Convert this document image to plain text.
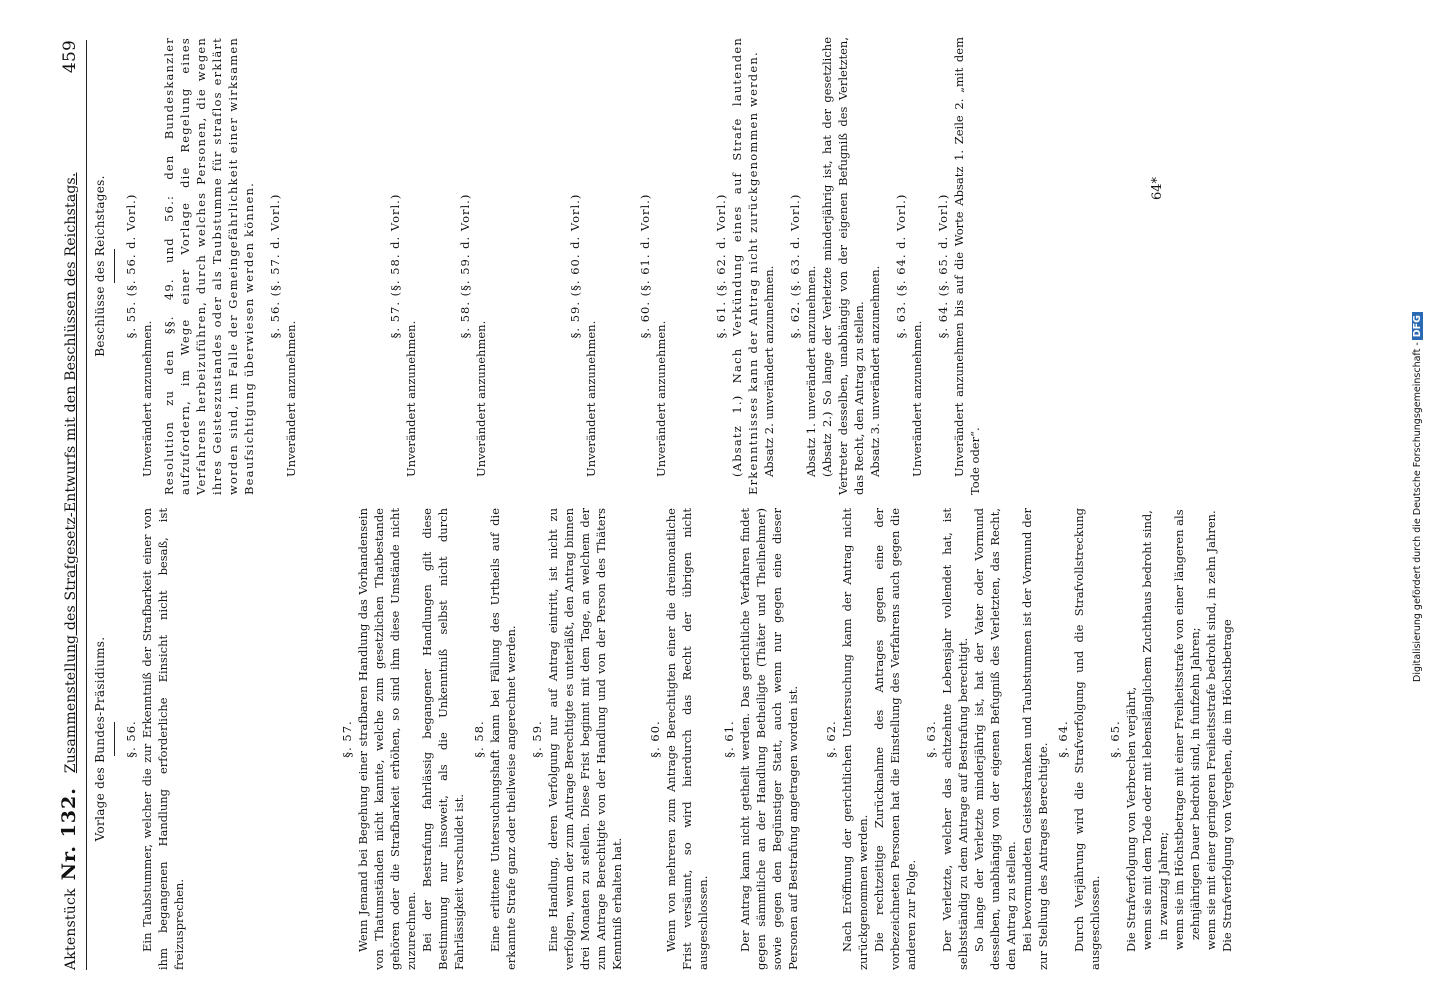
Aktenstück
Nr. 132.
Zusammenstellung des Strafgesetz-Entwurfs mit den Beschlüssen des Reichstags.
459
Vorlage des Bundes-Präsidiums. §. 56. Ein Taubstummer, welcher die zur Erkenntniß der Strafbarkeit einer von ihm begangenen Handlung erforderliche Einsicht nicht besaß, ist freizusprechen.

§. 57. Wenn Jemand bei Begehung einer strafbaren Handlung das Vorhandensein von Thatumständen nicht kannte, welche zum gesetzlichen Thatbestande gehören oder die Strafbarkeit erhöhen, so sind ihm diese Umstände nicht zuzurechnen. Bei der Bestrafung fahrlässig begangener Handlungen gilt diese Bestimmung nur insoweit, als die Unkenntniß selbst nicht durch Fahrlässigkeit verschuldet ist.

§. 58. Eine erlittene Untersuchungshaft kann bei Fällung des Urtheils auf die erkannte Strafe ganz oder theilweise angerechnet werden. §. 59. Eine Handlung, deren Verfolgung nur auf Antrag eintritt, ist nicht zu verfolgen, wenn der zum Antrage Berechtigte es unterläßt, den Antrag binnen drei Monaten zu stellen. Diese Frist beginnt mit dem Tage, an welchem der zum Antrage Berechtigte von der Handlung und von der Person des Thäters Kenntniß erhalten hat.

§. 60. Wenn von mehreren zum Antrage Berechtigten einer die dreimonatliche Frist versäumt, so wird hierdurch das Recht der übrigen nicht ausgeschlossen.

§. 61. Der Antrag kann nicht getheilt werden. Das gerichtliche Verfahren findet gegen sämmtliche an der Handlung Betheiligte (Thäter und Theilnehmer) sowie gegen den Begünstiger Statt, auch wenn nur gegen eine dieser Personen auf Bestrafung angetragen worden ist. §. 62. Nach Eröffnung der gerichtlichen Untersuchung kann der Antrag nicht zurückgenommen werden. Die rechtzeitige Zurücknahme des Antrages gegen eine der vorbezeichneten Personen hat die Einstellung des Verfahrens auch gegen die anderen zur Folge.

§. 63. Der Verletzte, welcher das achtzehnte Lebensjahr vollendet hat, ist selbstständig zu dem Antrage auf Bestrafung berechtigt. So lange der Verletzte minderjährig ist, hat der Vater oder Vormund desselben, unabhängig von der eigenen Befugniß des Verletzten, das Recht, den Antrag zu stellen. Bei bevormundeten Geisteskranken und Taubstummen ist der Vormund der zur Stellung des Antrages Berechtigte.

§. 64. Durch Verjährung wird die Strafverfolgung und die Strafvollstreckung ausgeschlossen.

§. 65. Die Strafverfolgung von Verbrechen verjährt, wenn sie mit dem Tode oder mit lebenslänglichem Zuchthaus bedroht sind, in zwanzig Jahren; wenn sie im Höchstbetrage mit einer Freiheitsstrafe von einer längeren als zehnjährigen Dauer bedroht sind, in funfzehn Jahren; wenn sie mit einer geringeren Freiheitsstrafe bedroht sind, in zehn Jahren. Die Strafverfolgung von Vergehen, die im Höchstbetrage

Beschlüsse des Reichstages. §. 55. (§. 56. d. Vorl.)

Unverändert anzunehmen. Resolution zu den §§. 49. und 56.: den Bundeskanzler aufzufordern, im Wege einer Vorlage die Regelung eines Verfahrens herbeizuführen, durch welches Personen, die wegen ihres Geisteszustandes oder als Taubstumme für straflos erklärt worden sind, im Falle der Gemeingefährlichkeit einer wirksamen Beaufsichtigung überwiesen werden können. §. 56. (§. 57. d. Vorl.)

Unverändert anzunehmen.

§. 57. (§. 58. d. Vorl.)

Unverändert anzunehmen.

§. 58. (§. 59. d. Vorl.)

Unverändert anzunehmen.

§. 59. (§. 60. d. Vorl.)

Unverändert anzunehmen.

§. 60. (§. 61. d. Vorl.)

Unverändert anzunehmen.

§. 61. (§. 62. d. Vorl.) (Absatz 1.) Nach Verkündung eines auf Strafe lautenden Erkenntnisses kann der Antrag nicht zurückgenommen werden. Absatz 2. unverändert anzunehmen. §. 62. (§. 63. d. Vorl.) Absatz 1. unverändert anzunehmen. (Absatz 2.) So lange der Verletzte minderjährig ist, hat der gesetzliche Vertreter desselben, unabhängig von der eigenen Befugniß des Verletzten, das Recht, den Antrag zu stellen. Absatz 3. unverändert anzunehmen. §. 63. (§. 64. d. Vorl.)

Unverändert anzunehmen.

§. 64. (§. 65. d. Vorl.) Unverändert anzunehmen bis auf die Worte Absatz 1. Zeile 2. „mit dem Tode oder“.

64*
Digitalisierung gefördert durch die Deutsche Forschungsgemeinschaft -DFG
